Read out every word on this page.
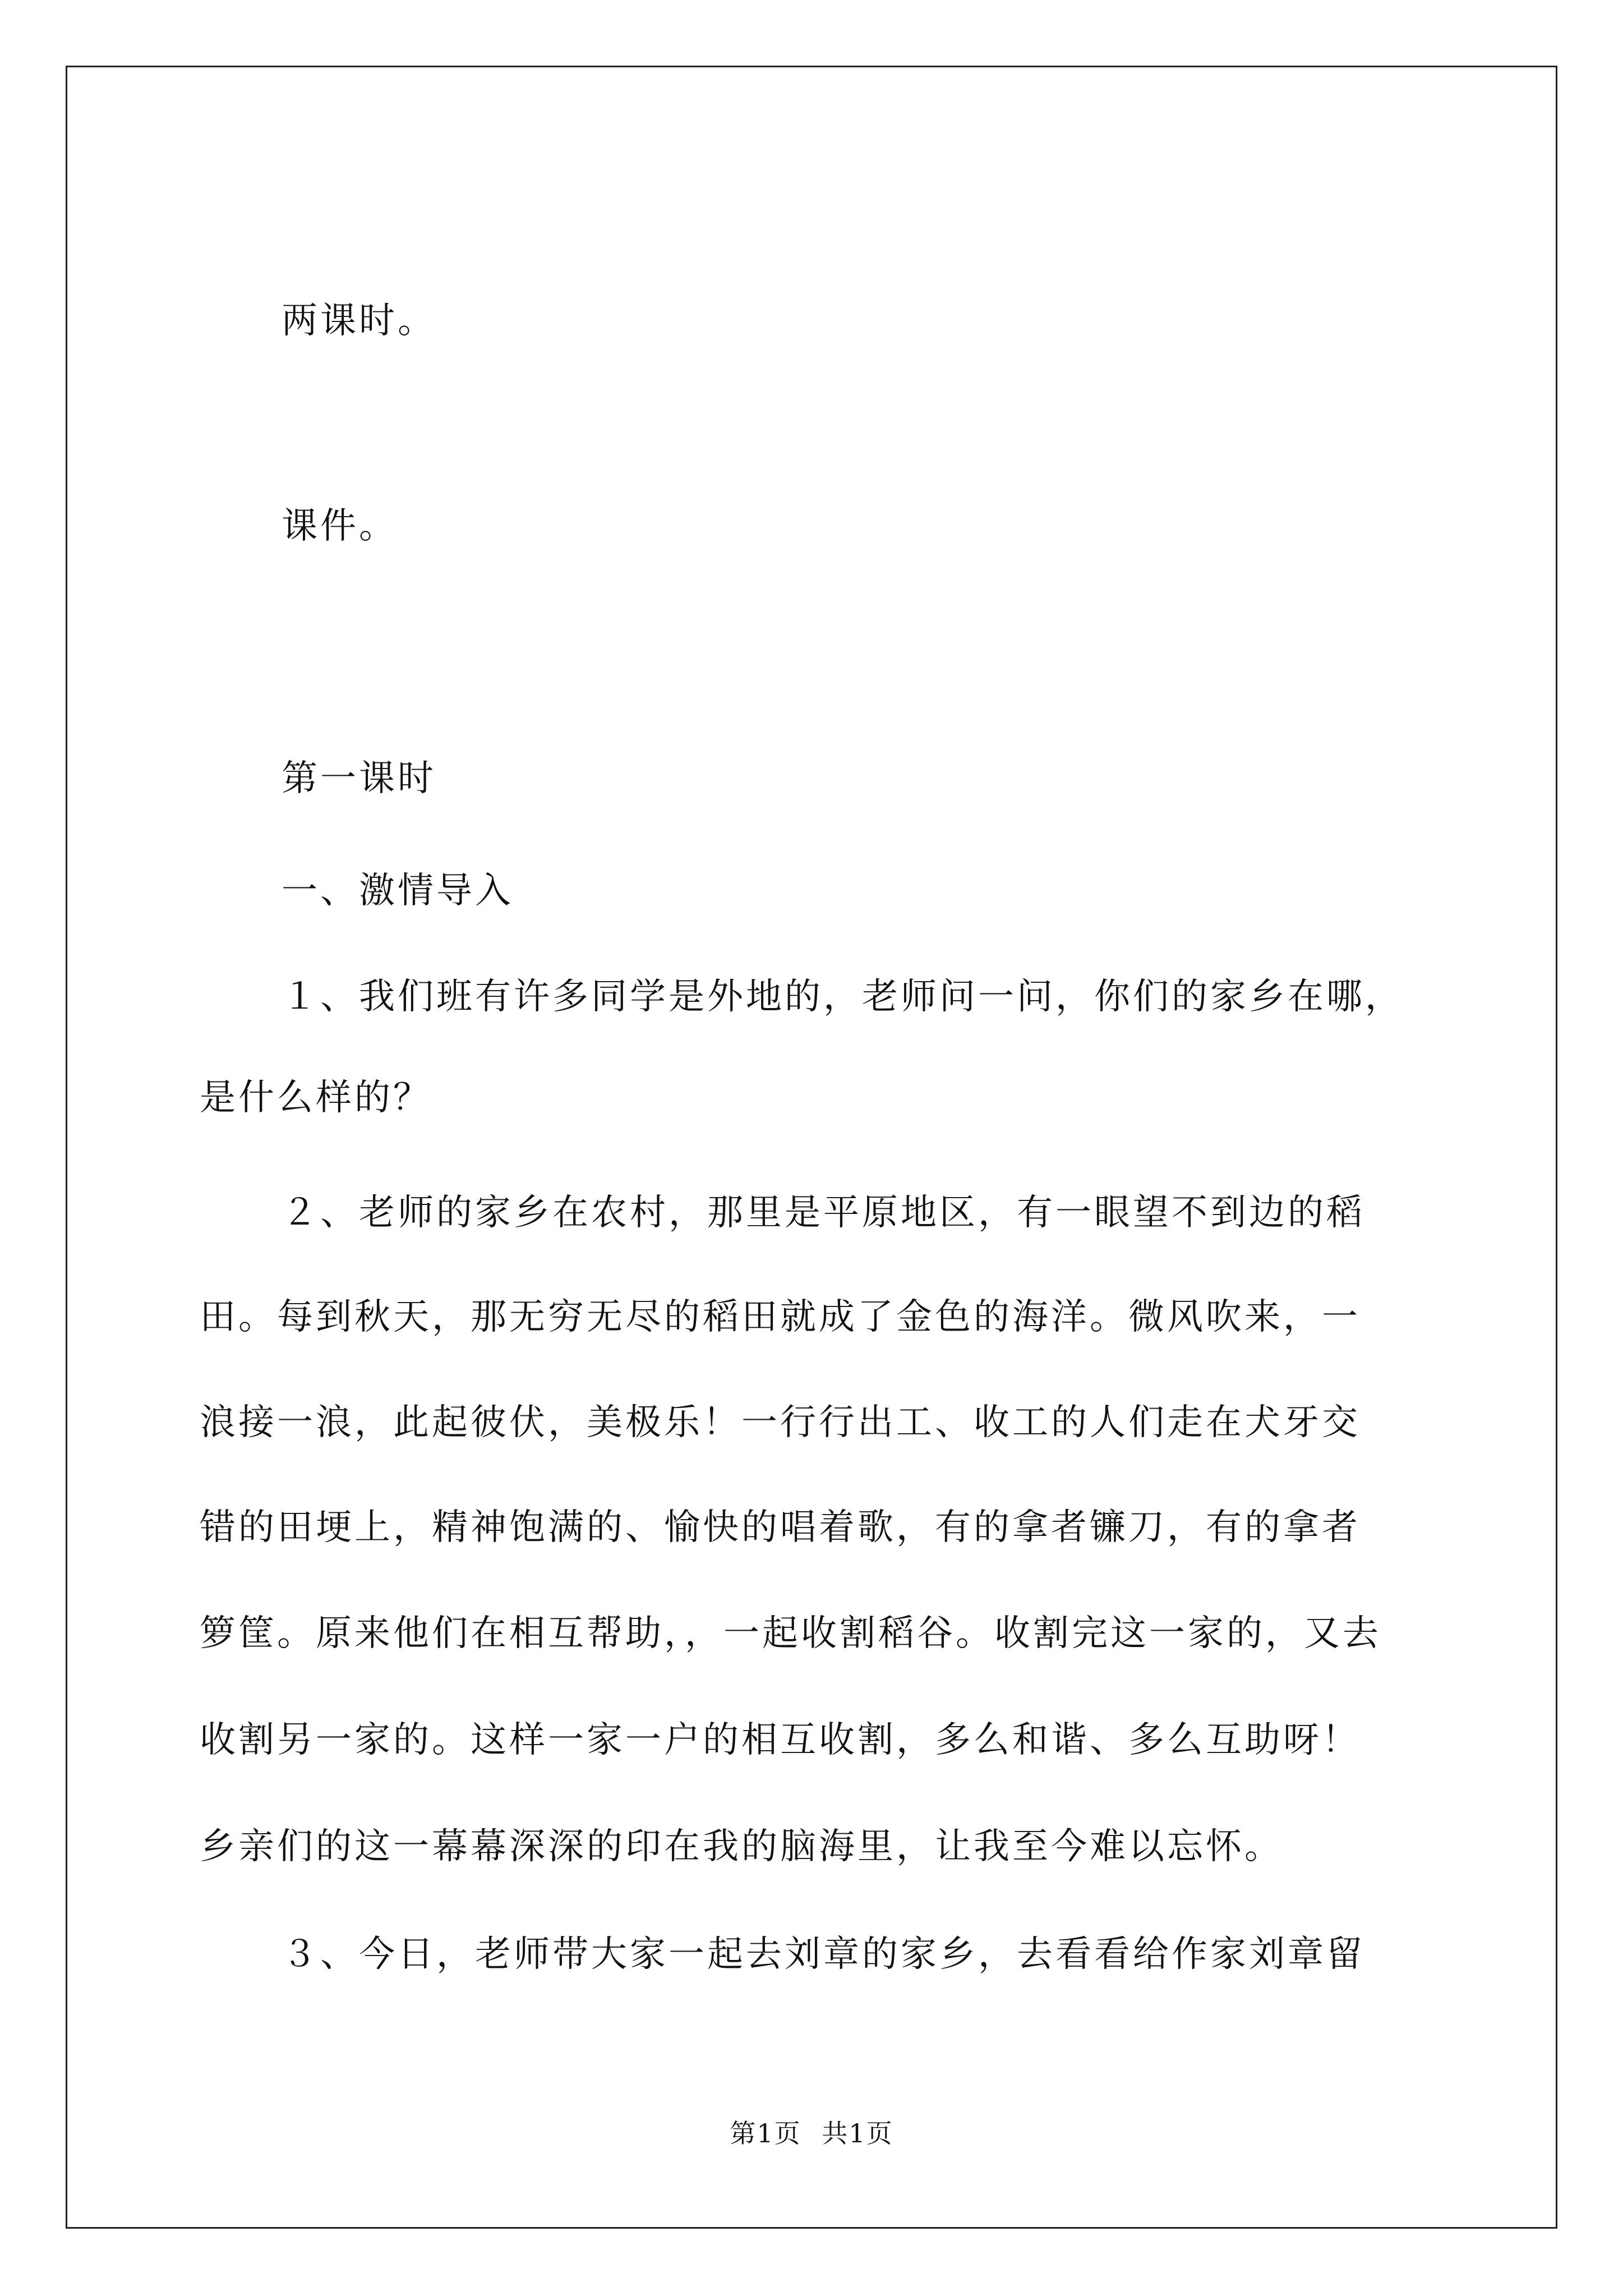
两课时。
课件。
第一课时
一、激情导入
１、我们班有许多同学是外地的，老师问一问，你们的家乡在哪，
是什么样的？
２、老师的家乡在农村，那里是平原地区，有一眼望不到边的稻
田。每到秋天，那无穷无尽的稻田就成了金色的海洋。微风吹来，一
浪接一浪，此起彼伏，美极乐！一行行出工、收工的人们走在犬牙交
错的田埂上，精神饱满的、愉快的唱着歌，有的拿者镰刀，有的拿者
箩筐。原来他们在相互帮助，，一起收割稻谷。收割完这一家的，又去
收割另一家的。这样一家一户的相互收割，多么和谐、多么互助呀！
乡亲们的这一幕幕深深的印在我的脑海里，让我至今难以忘怀。
３、今日，老师带大家一起去刘章的家乡，去看看给作家刘章留
第1页 共1页
